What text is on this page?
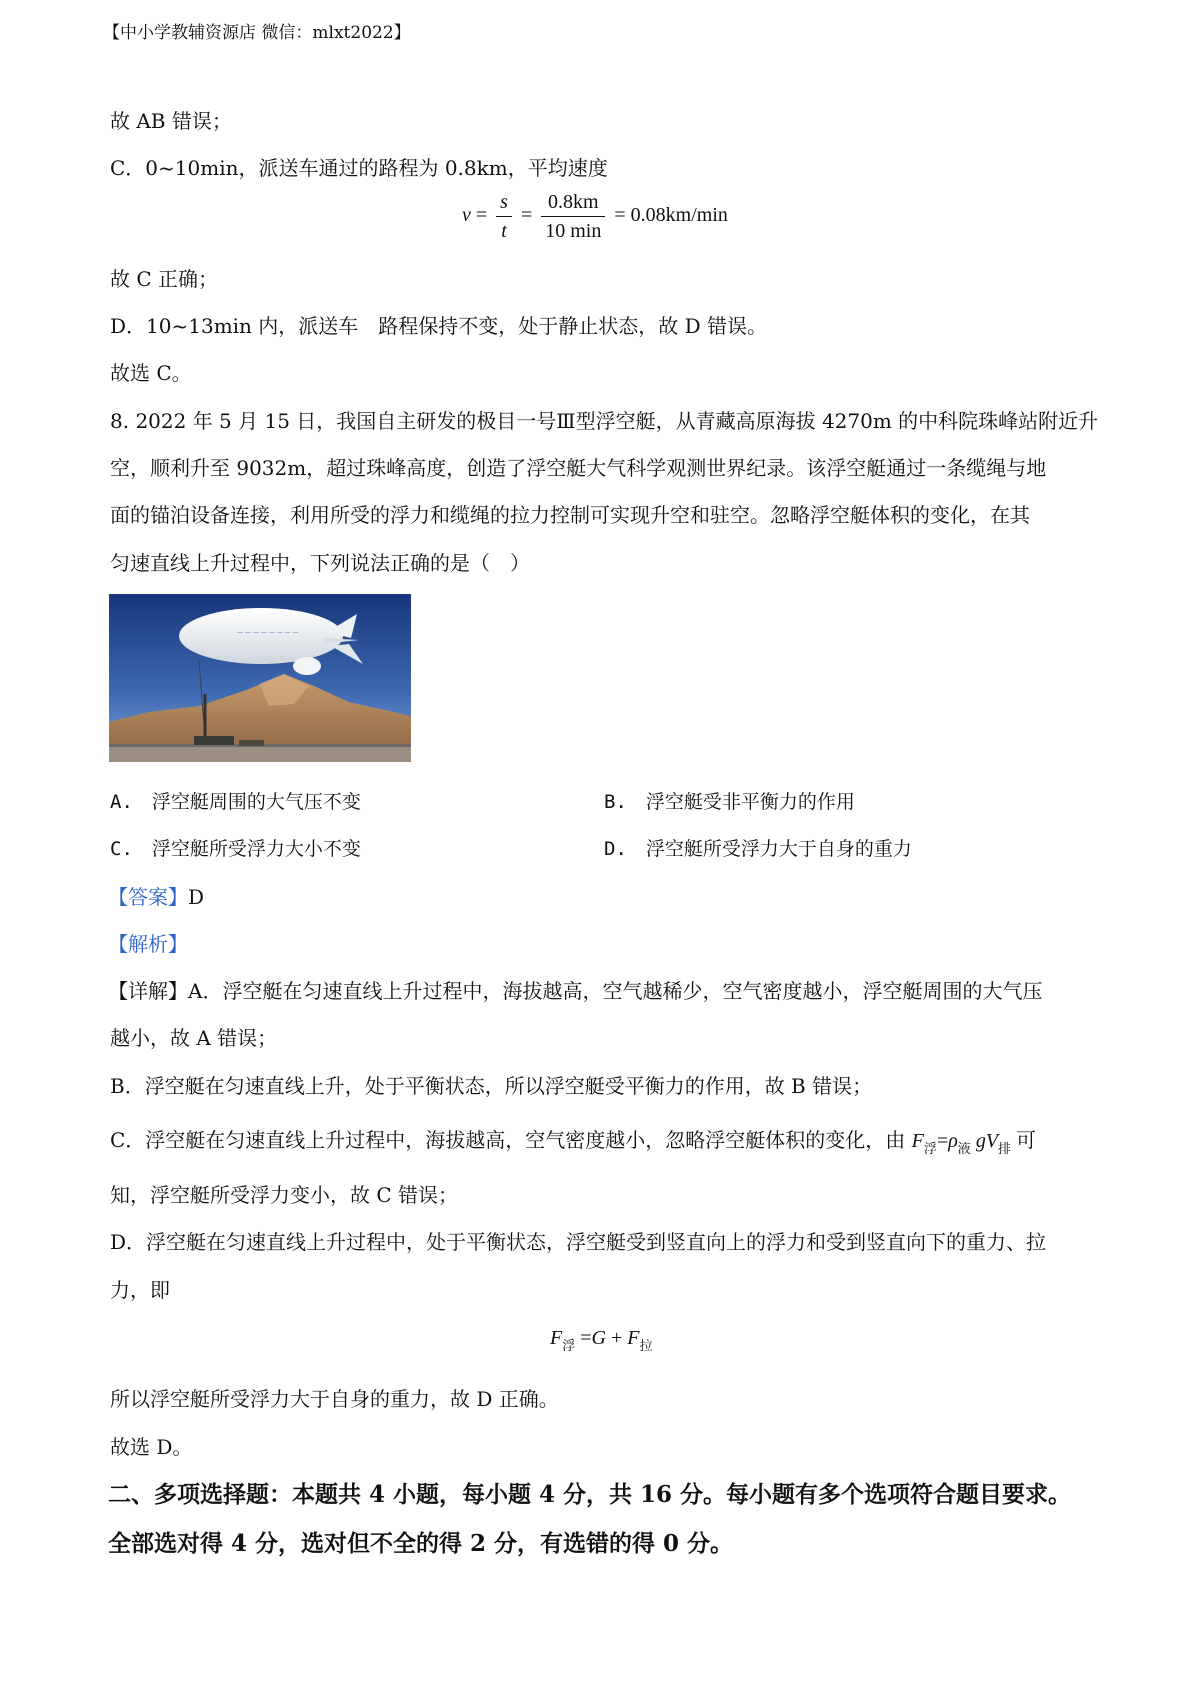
【中小学教辅资源店 微信：mlxt2022】
故 AB 错误；
C．0~10min，派送车通过的路程为 0.8km，平均速度
$v = \frac{s}{t} = \frac{0.8km}{10 \min} = 0.08km/\min$
故 C 正确；
D．10~13min 内，派送车　路程保持不变，处于静止状态，故 D 错误。
故选 C。
8. 2022 年 5 月 15 日，我国自主研发的极目一号Ⅲ型浮空艇，从青藏高原海拔 4270m 的中科院珠峰站附近升
空，顺利升至 9032m，超过珠峰高度，创造了浮空艇大气科学观测世界纪录。该浮空艇通过一条缆绳与地
面的锚泊设备连接，利用所受的浮力和缆绳的拉力控制可实现升空和驻空。忽略浮空艇体积的变化，在其
匀速直线上升过程中，下列说法正确的是（　）
— — — — — — — —
A.　浮空艇周围的大气压不变	B.　浮空艇受非平衡力的作用
C.　浮空艇所受浮力大小不变	D.　浮空艇所受浮力大于自身的重力
【答案】D
【解析】
【详解】A．浮空艇在匀速直线上升过程中，海拔越高，空气越稀少，空气密度越小，浮空艇周围的大气压
越小，故 A 错误；
B．浮空艇在匀速直线上升，处于平衡状态，所以浮空艇受平衡力的作用，故 B 错误；
C．浮空艇在匀速直线上升过程中，海拔越高，空气密度越小，忽略浮空艇体积的变化，由 $F_浮=\rho_液$ $gV_排$ 可
知，浮空艇所受浮力变小，故 C 错误；
D．浮空艇在匀速直线上升过程中，处于平衡状态，浮空艇受到竖直向上的浮力和受到竖直向下的重力、拉
力，即
$F_浮 =G + F_拉$
所以浮空艇所受浮力大于自身的重力，故 D 正确。
故选 D。
二、多项选择题：本题共 4 小题，每小题 4 分，共 16 分。每小题有多个选项符合题目要求。
全部选对得 4 分，选对但不全的得 2 分，有选错的得 0 分。
